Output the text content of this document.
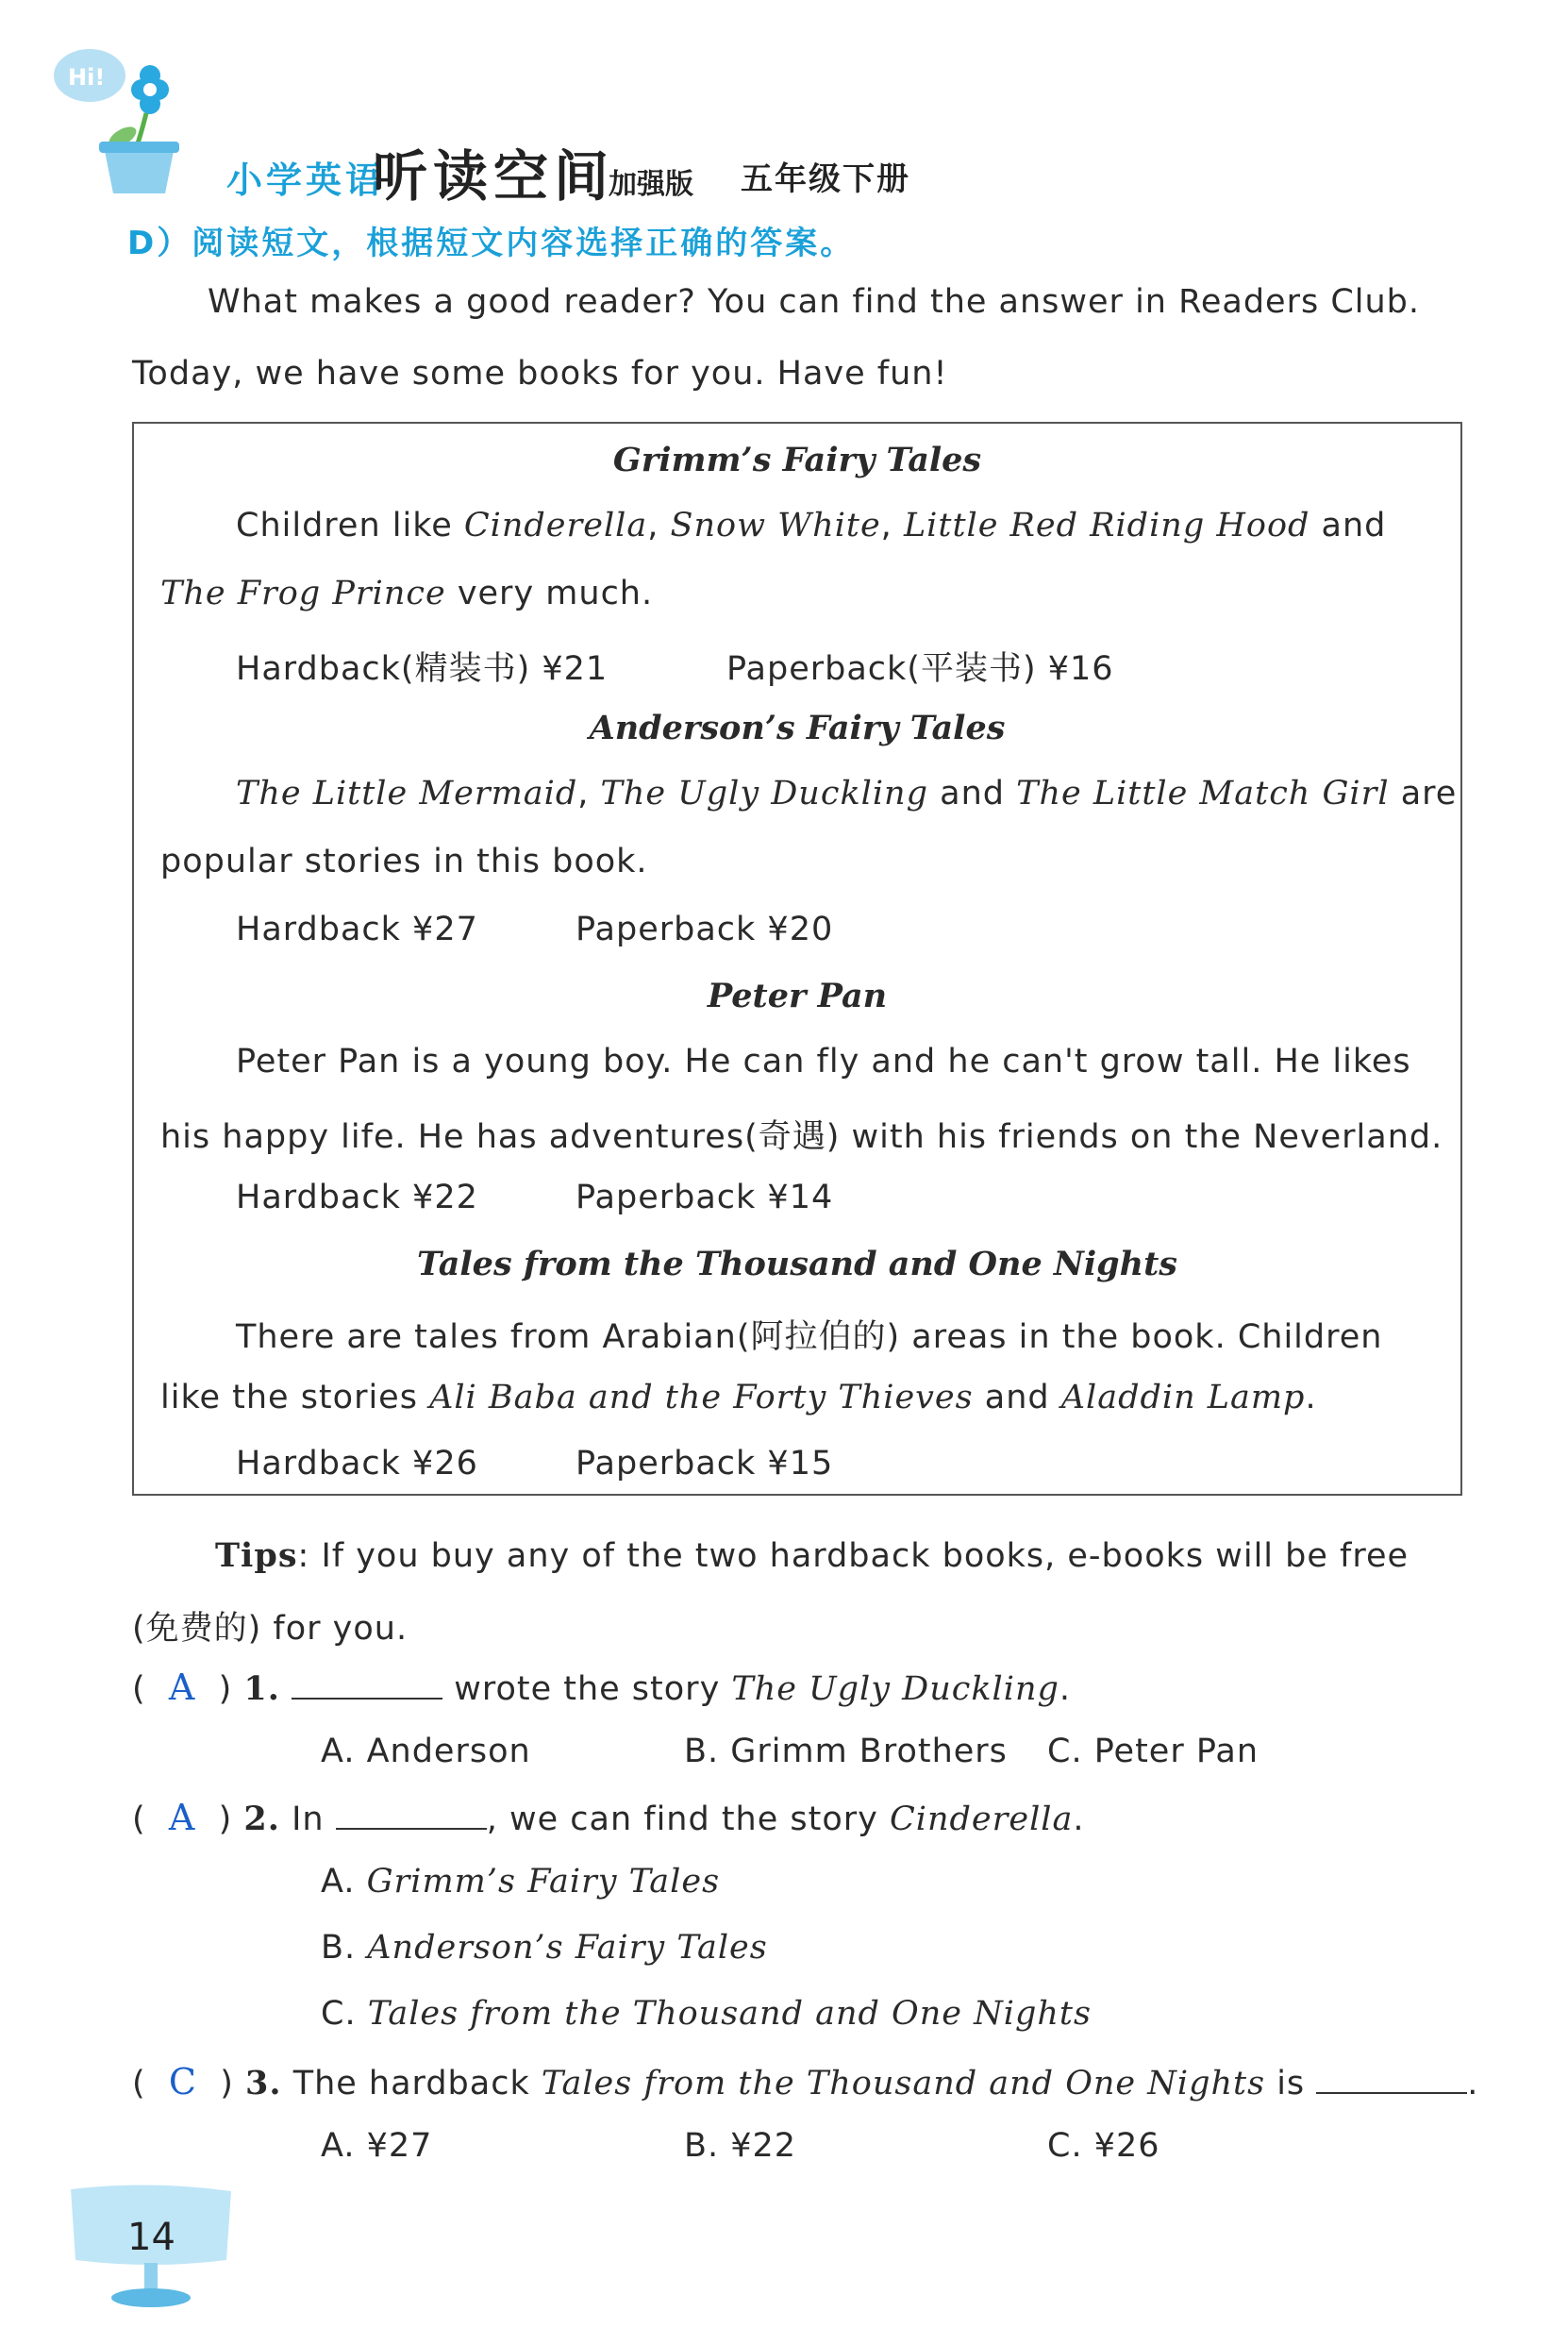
Hi!
小学英语
听读空间
加强版 五年级下册
D）阅读短文，根据短文内容选择正确的答案。
What makes a good reader? You can find the answer in Readers Club.
Today, we have some books for you. Have fun!
Grimm’s Fairy Tales
Children like Cinderella, Snow White, Little Red Riding Hood and
The Frog Prince very much.
Hardback(精装书) ¥21	Paperback(平装书) ¥16
Anderson’s Fairy Tales
The Little Mermaid, The Ugly Duckling and The Little Match Girl are
popular stories in this book.
Hardback ¥27	Paperback ¥20
Peter Pan
Peter Pan is a young boy. He can fly and he can't grow tall. He likes
his happy life. He has adventures(奇遇) with his friends on the Neverland.
Hardback ¥22	Paperback ¥14
Tales from the Thousand and One Nights
There are tales from Arabian(阿拉伯的) areas in the book. Children
like the stories Ali Baba and the Forty Thieves and Aladdin Lamp.
Hardback ¥26	Paperback ¥15
Tips: If you buy any of the two hardback books, e-books will be free
(免费的) for you.
(  A  ) 1.	wrote the story The Ugly Duckling.
A. Anderson	B. Grimm Brothers C. Peter Pan
(  A  ) 2. In	, we can find the story Cinderella.
A. Grimm’s Fairy Tales
B. Anderson’s Fairy Tales
C. Tales from the Thousand and One Nights
(  C  ) 3. The hardback Tales from the Thousand and One Nights is	.
A. ¥27	B. ¥22	C. ¥26
14
